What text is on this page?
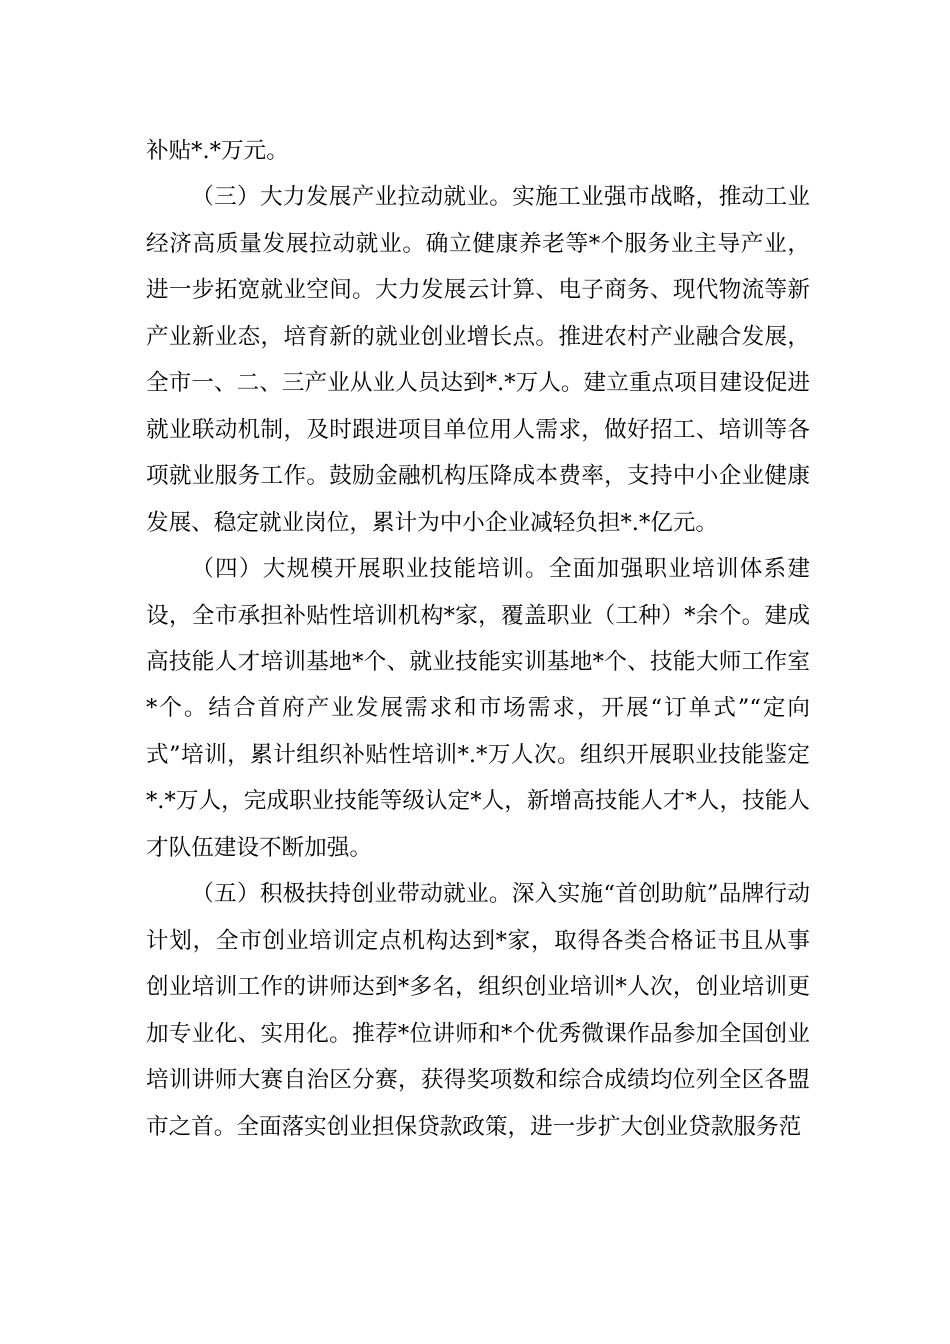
补贴*.*万元。

（三）大力发展产业拉动就业。实施工业强市战略，推动工业经济高质量发展拉动就业。确立健康养老等*个服务业主导产业，进一步拓宽就业空间。大力发展云计算、电子商务、现代物流等新产业新业态，培育新的就业创业增长点。推进农村产业融合发展，全市一、二、三产业从业人员达到*.*万人。建立重点项目建设促进就业联动机制，及时跟进项目单位用人需求，做好招工、培训等各项就业服务工作。鼓励金融机构压降成本费率，支持中小企业健康发展、稳定就业岗位，累计为中小企业减轻负担*.*亿元。

（四）大规模开展职业技能培训。全面加强职业培训体系建设，全市承担补贴性培训机构*家，覆盖职业（工种）*余个。建成高技能人才培训基地*个、就业技能实训基地*个、技能大师工作室*个。结合首府产业发展需求和市场需求，开展“订单式”“定向式”培训，累计组织补贴性培训*.*万人次。组织开展职业技能鉴定*.*万人，完成职业技能等级认定*人，新增高技能人才*人，技能人才队伍建设不断加强。

（五）积极扶持创业带动就业。深入实施“首创助航”品牌行动计划，全市创业培训定点机构达到*家，取得各类合格证书且从事创业培训工作的讲师达到*多名，组织创业培训*人次，创业培训更加专业化、实用化。推荐*位讲师和*个优秀微课作品参加全国创业培训讲师大赛自治区分赛，获得奖项数和综合成绩均位列全区各盟市之首。全面落实创业担保贷款政策，进一步扩大创业贷款服务范
